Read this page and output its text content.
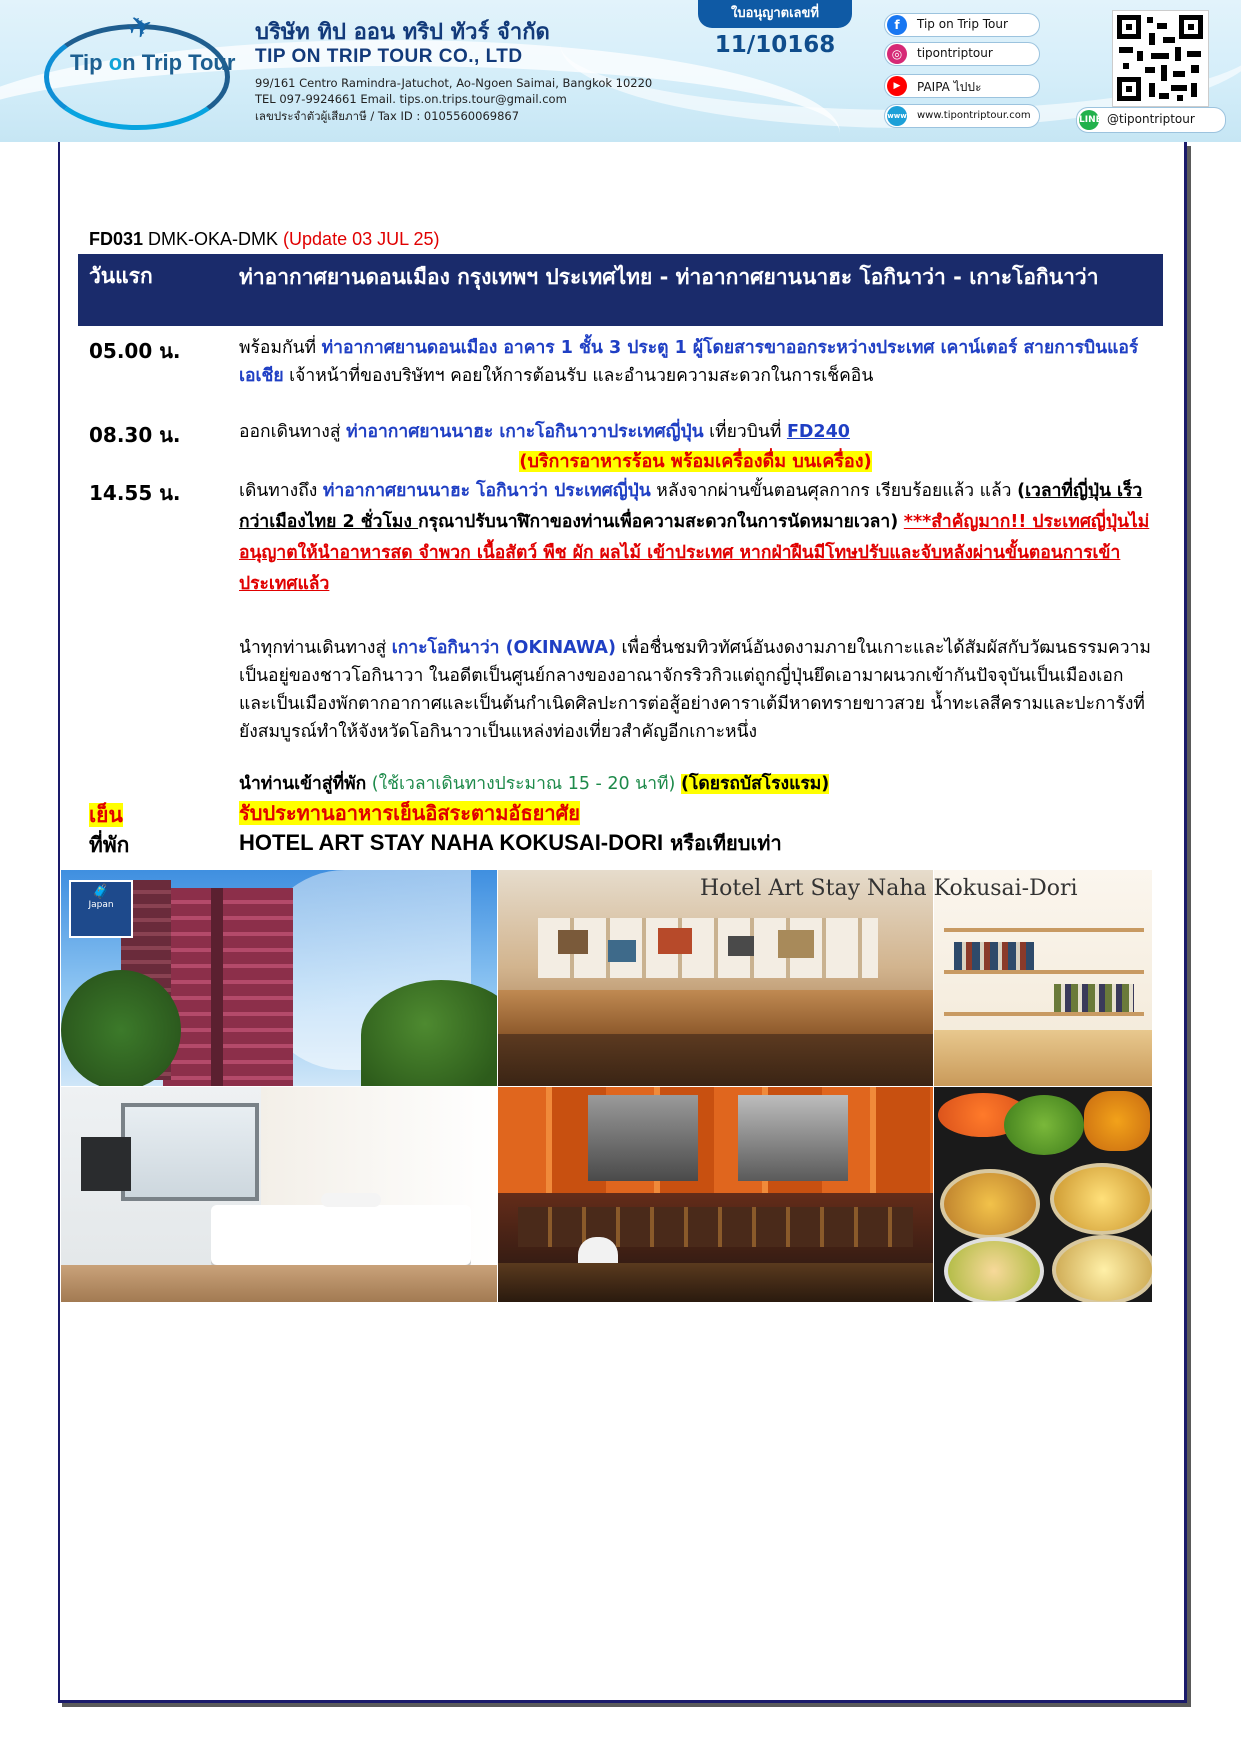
✈
Tip on Trip Tour
บริษัท ทิป ออน ทริป ทัวร์ จำกัด
TIP ON TRIP TOUR CO., LTD
99/161 Centro Ramindra-Jatuchot, Ao-Ngoen Saimai, Bangkok 10220
TEL 097-9924661 Email. tips.on.trips.tour@gmail.com
เลขประจำตัวผู้เสียภาษี / Tax ID : 0105560069867
ใบอนุญาตเลขที่
11/10168
f	Tip on Trip Tour
◎	tipontriptour
▶	PAIPA ไปปะ
www www.tipontriptour.com	LINE @tipontriptour
FD031 DMK-OKA-DMK (Update 03 JUL 25)
วันแรก	ท่าอากาศยานดอนเมือง กรุงเทพฯ ประเทศไทย - ท่าอากาศยานนาฮะ โอกินาว่า - เกาะโอกินาว่า
05.00 น.	พร้อมกันที่ ท่าอากาศยานดอนเมือง อาคาร 1 ชั้น 3 ประตู 1 ผู้โดยสารขาออกระหว่างประเทศ เคาน์เตอร์ สายการบินแอร์เอเชีย เจ้าหน้าที่ของบริษัทฯ คอยให้การต้อนรับ และอำนวยความสะดวกในการเช็คอิน
08.30 น.	ออกเดินทางสู่ ท่าอากาศยานนาฮะ เกาะโอกินาวาประเทศญี่ปุ่น เที่ยวบินที่ FD240
(บริการอาหารร้อน พร้อมเครื่องดื่ม บนเครื่อง)
14.55 น.	เดินทางถึง ท่าอากาศยานนาฮะ โอกินาว่า ประเทศญี่ปุ่น หลังจากผ่านขั้นตอนศุลกากร เรียบร้อยแล้ว แล้ว (เวลาที่ญี่ปุ่น เร็วกว่าเมืองไทย 2 ชั่วโมง กรุณาปรับนาฬิกาของท่านเพื่อความสะดวกในการนัดหมายเวลา) ***สำคัญมาก!! ประเทศญี่ปุ่นไม่อนุญาตให้นำอาหารสด จำพวก เนื้อสัตว์ พืช ผัก ผลไม้ เข้าประเทศ หากฝ่าฝืนมีโทษปรับและจับหลังผ่านขั้นตอนการเข้าประเทศแล้ว
นำทุกท่านเดินทางสู่ เกาะโอกินาว่า (OKINAWA) เพื่อชื่นชมทิวทัศน์อันงดงามภายในเกาะและได้สัมผัสกับวัฒนธรรมความเป็นอยู่ของชาวโอกินาวา ในอดีตเป็นศูนย์กลางของอาณาจักรริวกิวแต่ถูกญี่ปุ่นยึดเอามาผนวกเข้ากันปัจจุบันเป็นเมืองเอก และเป็นเมืองพักตากอากาศและเป็นต้นกำเนิดศิลปะการต่อสู้อย่างคาราเต้มีหาดทรายขาวสวย น้ำทะเลสีครามและปะการังที่ยังสมบูรณ์ทำให้จังหวัดโอกินาวาเป็นแหล่งท่องเที่ยวสำคัญอีกเกาะหนึ่ง
นำท่านเข้าสู่ที่พัก (ใช้เวลาเดินทางประมาณ 15 - 20 นาที) (โดยรถบัสโรงแรม)
เย็น	รับประทานอาหารเย็นอิสระตามอัธยาศัย
ที่พัก	HOTEL ART STAY NAHA KOKUSAI-DORI หรือเทียบเท่า
🧳
Japan
Hotel Art Stay Naha Kokusai-Dori
